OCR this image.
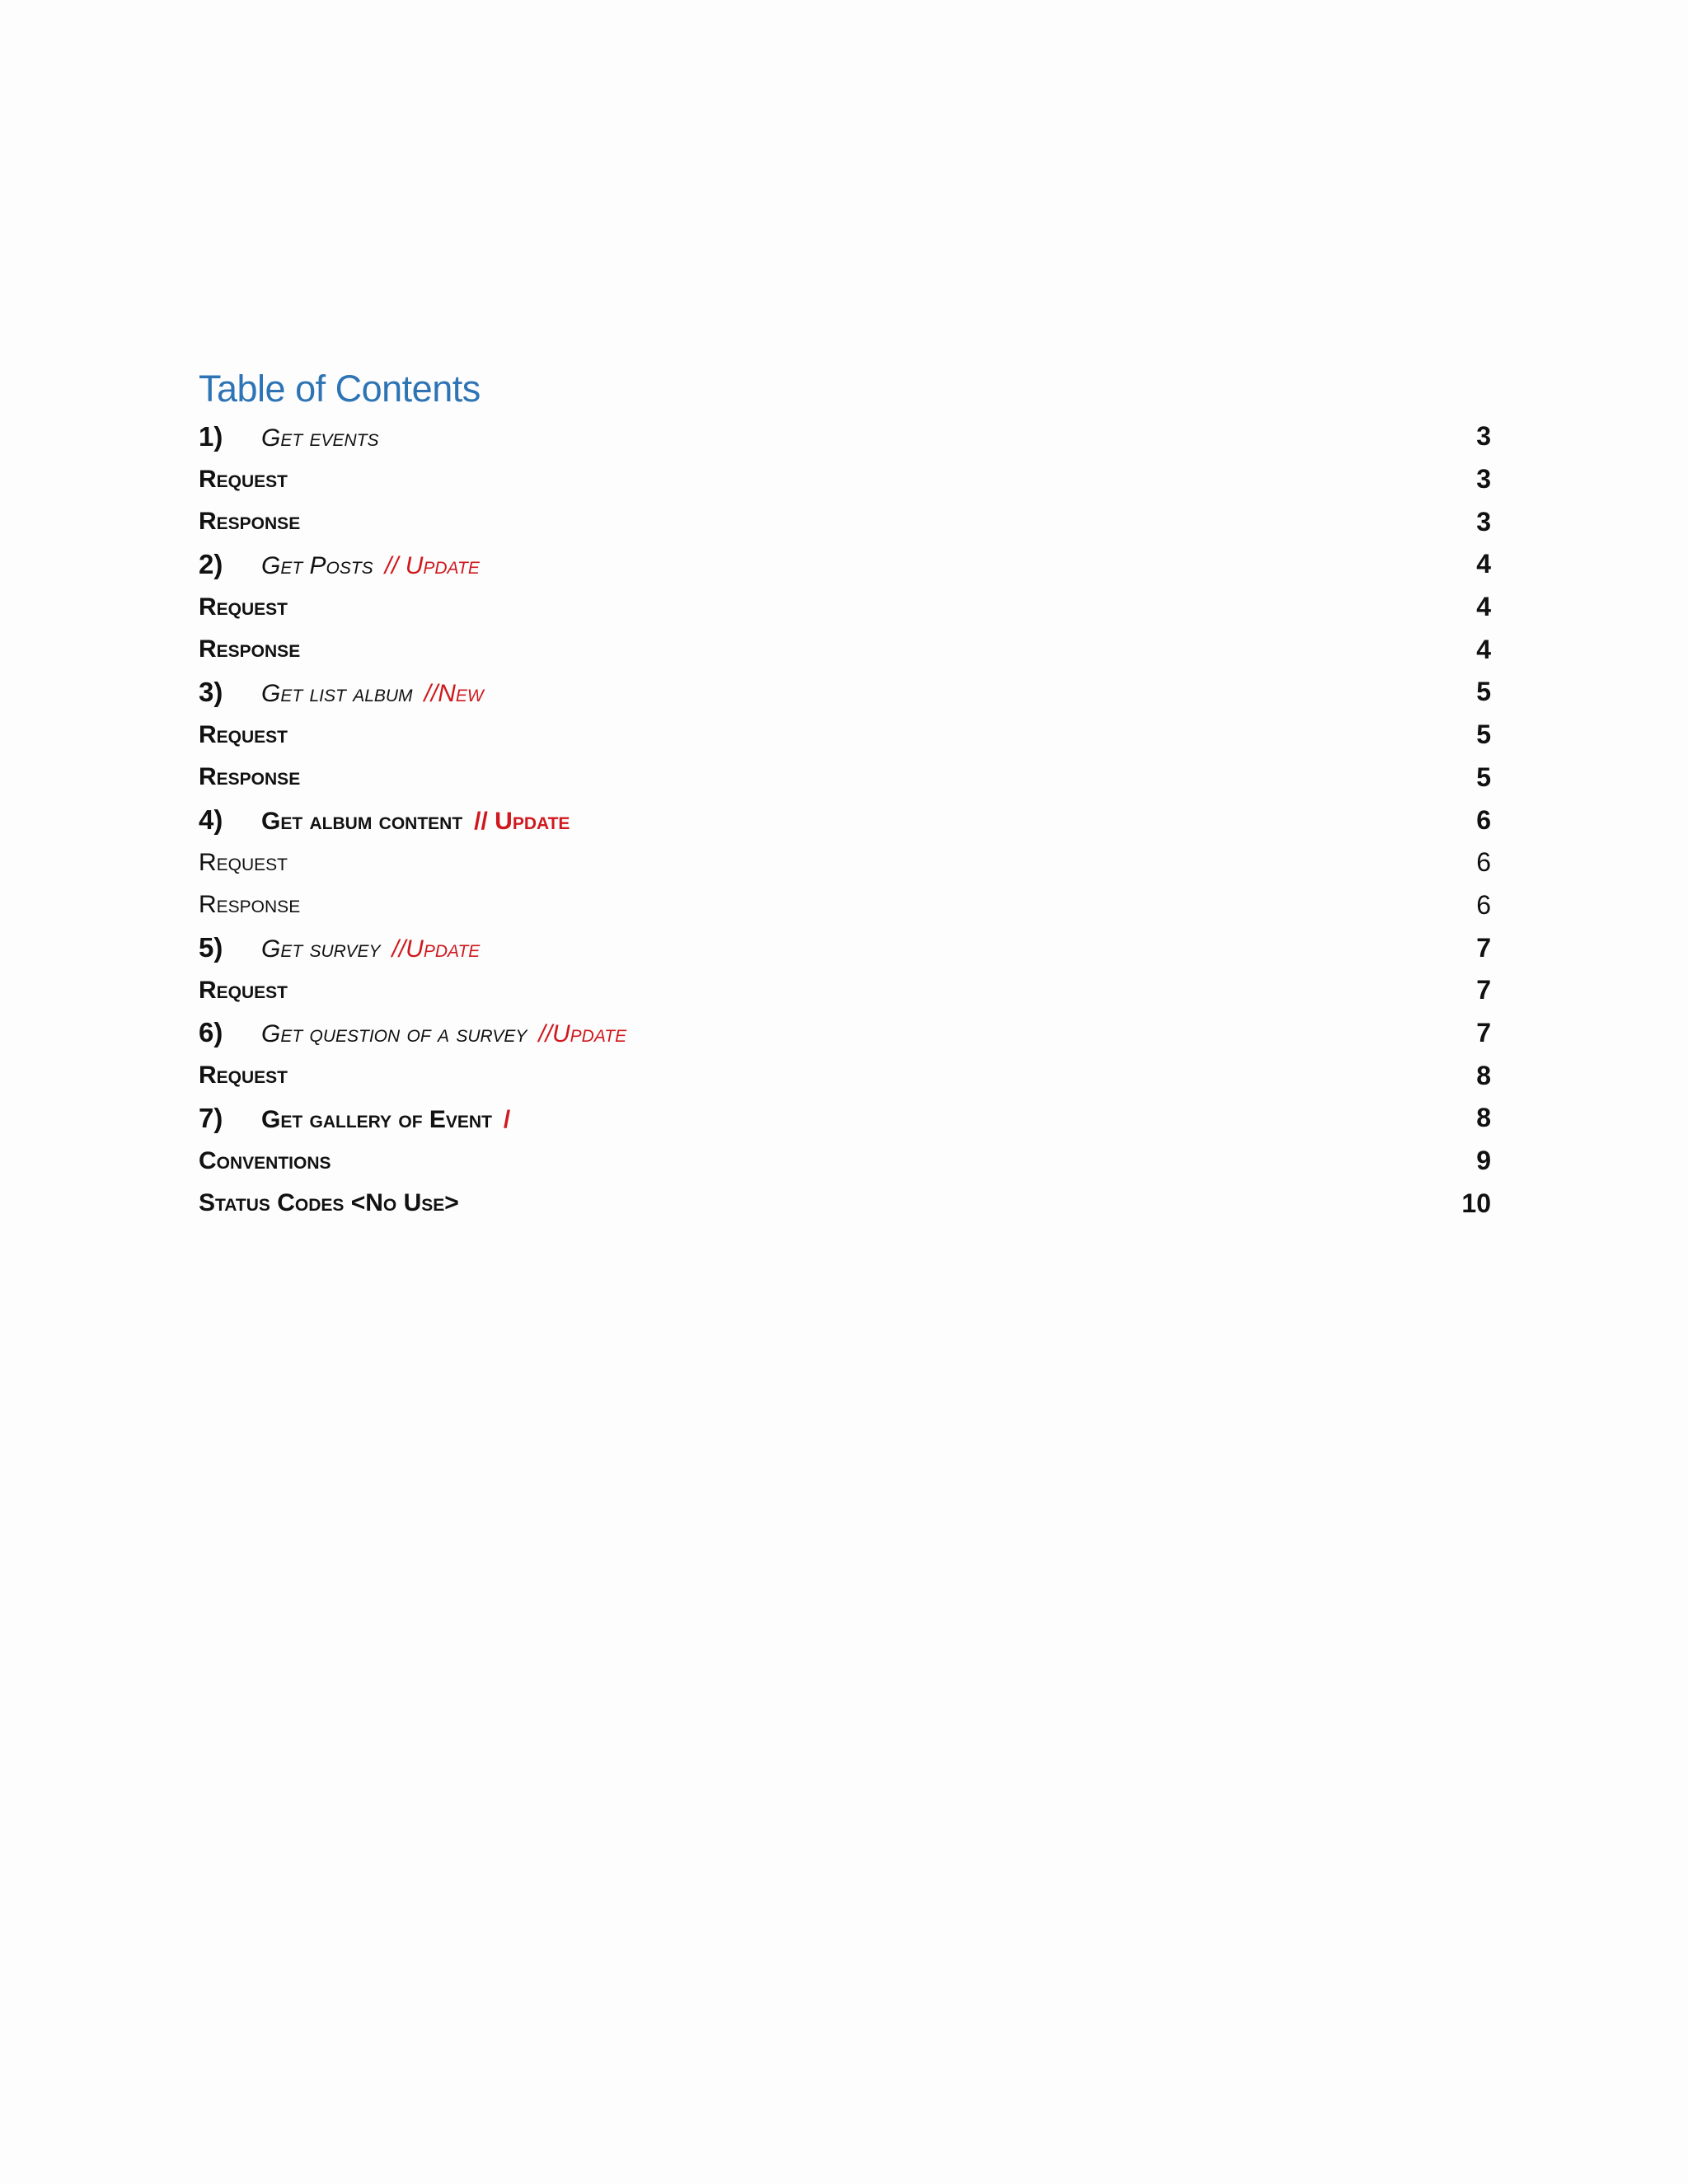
Table of Contents
1)	Get events	3
Request	3
Response	3
2)	Get Posts // Update	4
Request	4
Response	4
3)	Get list album //New	5
Request	5
Response	5
4)	Get album content // Update	6
Request	6
Response	6
5)	Get survey //Update	7
Request	7
6)	Get question of a survey //Update	7
Request	8
7)	Get gallery of Event /	8
Conventions	9
Status Codes <No Use>	10
